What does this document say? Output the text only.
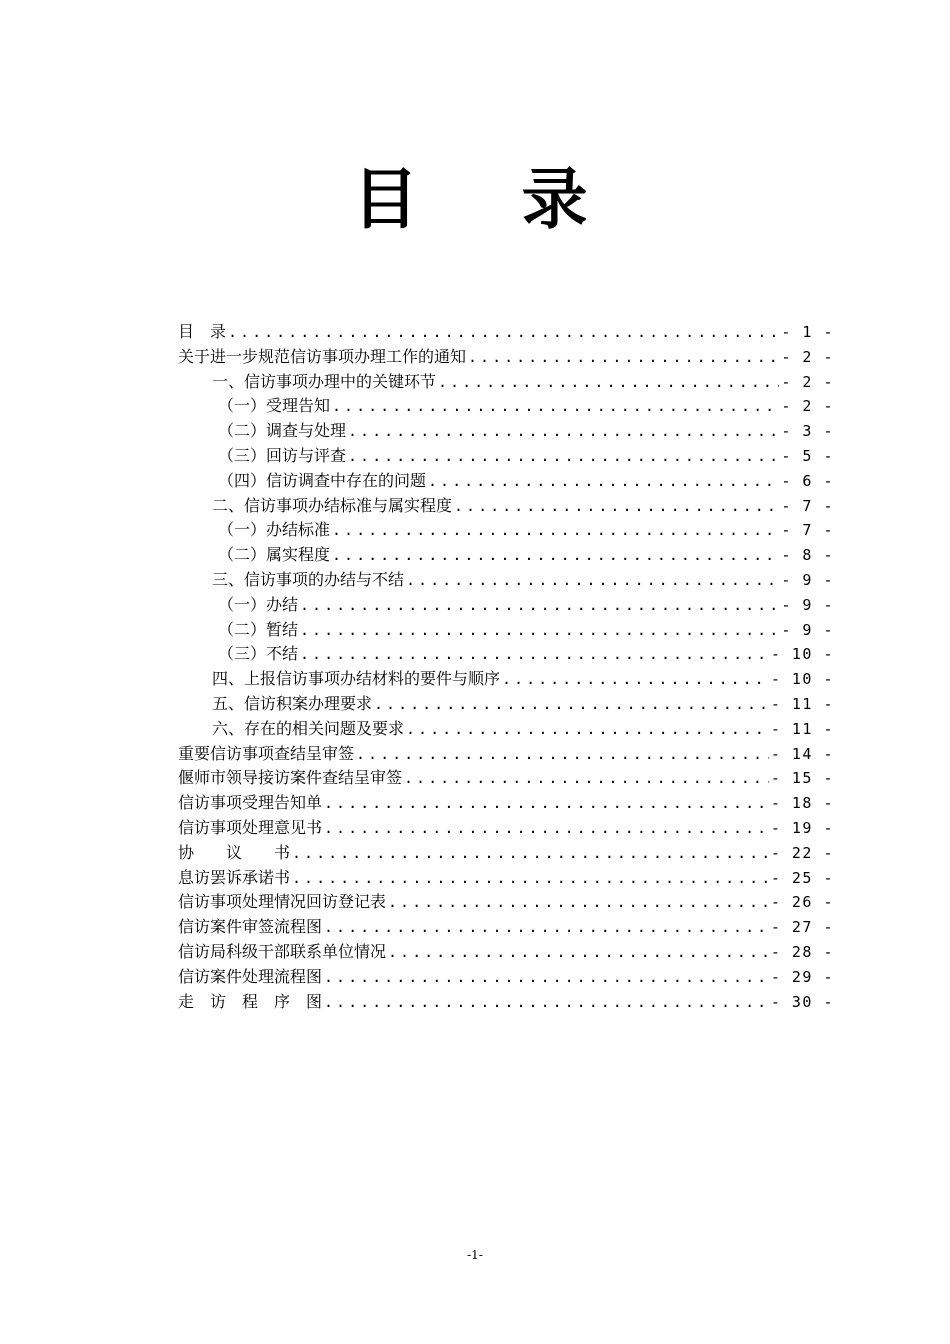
目 录
目　录 .....	- 1 -
关于进一步规范信访事项办理工作的通知 .....	- 2 -
一、信访事项办理中的关键环节 .....	- 2 -
（一）受理告知 .....	- 2 -
（二）调查与处理 .....	- 3 -
（三）回访与评查 .....	- 5 -
（四）信访调查中存在的问题 .....	- 6 -
二、信访事项办结标准与属实程度 .....	- 7 -
（一）办结标准 .....	- 7 -
（二）属实程度 .....	- 8 -
三、信访事项的办结与不结 .....	- 9 -
（一）办结 .....	- 9 -
（二）暂结 .....	- 9 -
（三）不结 .....	- 10 -
四、上报信访事项办结材料的要件与顺序 .....	- 10 -
五、信访积案办理要求 .....	- 11 -
六、存在的相关问题及要求 .....	- 11 -
重要信访事项查结呈审签 .....	- 14 -
偃师市领导接访案件查结呈审签 .....	- 15 -
信访事项受理告知单 .....	- 18 -
信访事项处理意见书 .....	- 19 -
协　　议　　书 .....	- 22 -
息访罢诉承诺书 .....	- 25 -
信访事项处理情况回访登记表 .....	- 26 -
信访案件审签流程图 .....	- 27 -
信访局科级干部联系单位情况 .....	- 28 -
信访案件处理流程图 .....	- 29 -
走　访　程　序　图 .....	- 30 -
-1-
